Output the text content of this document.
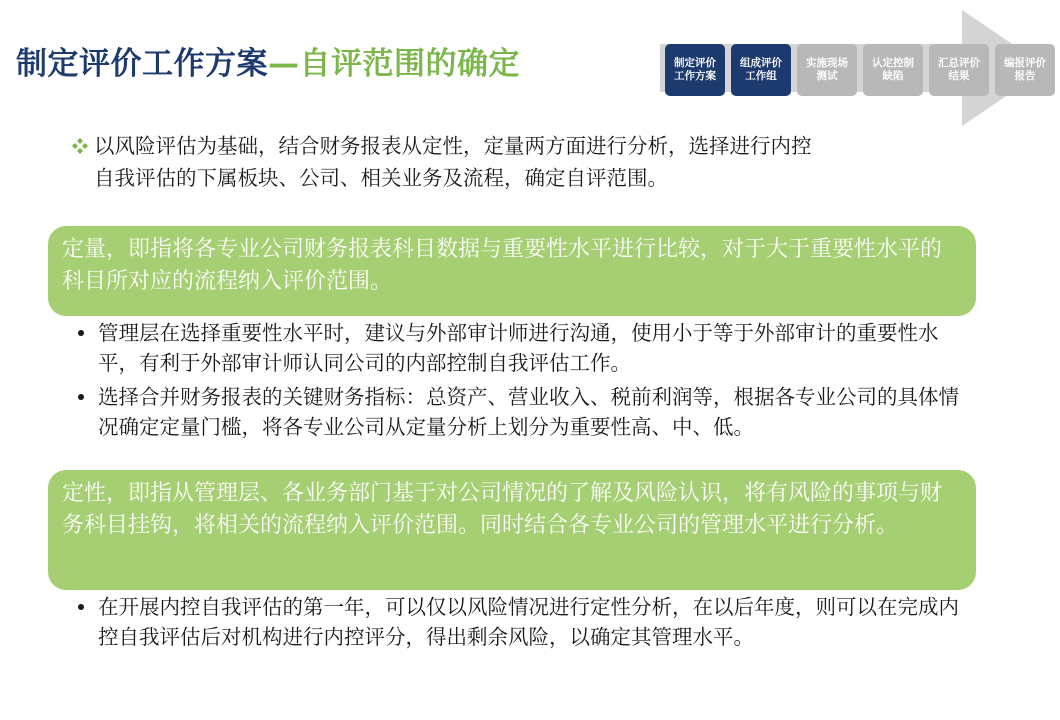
制定评价工作方案—自评范围的确定	制定评价工作方案
组成评价工作组
实施现场测试
认定控制缺陷
汇总评价结果
编报评价报告
以风险评估为基础，结合财务报表从定性，定量两方面进行分析，选择进行内控
自我评估的下属板块、公司、相关业务及流程，确定自评范围。
定量，即指将各专业公司财务报表科目数据与重要性水平进行比较，对于大于重要性水平的科目所对应的流程纳入评价范围。
管理层在选择重要性水平时，建议与外部审计师进行沟通，使用小于等于外部审计的重要性水平，有利于外部审计师认同公司的内部控制自我评估工作。
选择合并财务报表的关键财务指标：总资产、营业收入、税前利润等，根据各专业公司的具体情况确定定量门槛，将各专业公司从定量分析上划分为重要性高、中、低。
定性，即指从管理层、各业务部门基于对公司情况的了解及风险认识，将有风险的事项与财务科目挂钩，将相关的流程纳入评价范围。同时结合各专业公司的管理水平进行分析。
在开展内控自我评估的第一年，可以仅以风险情况进行定性分析，在以后年度，则可以在完成内控自我评估后对机构进行内控评分，得出剩余风险，以确定其管理水平。
